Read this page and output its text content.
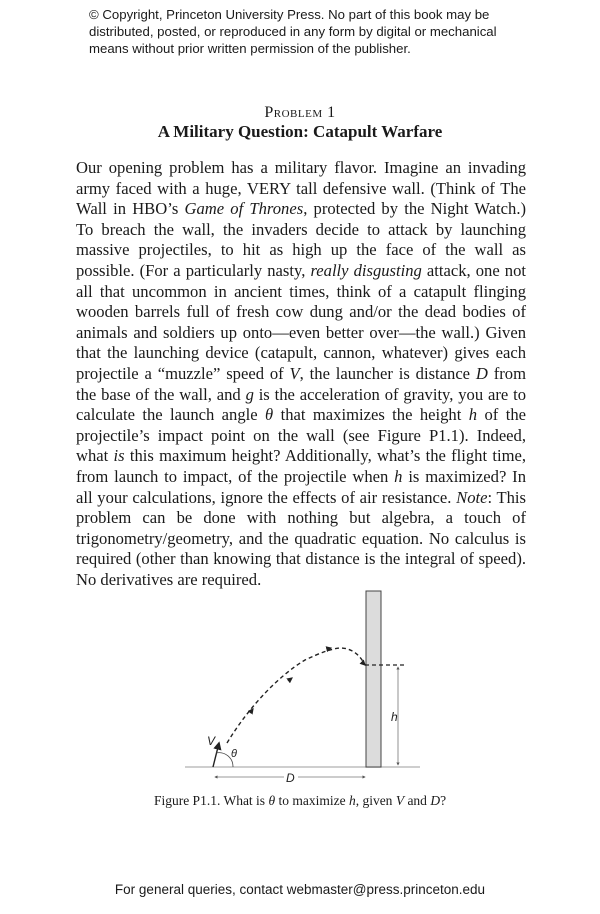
© Copyright, Princeton University Press. No part of this book may be distributed, posted, or reproduced in any form by digital or mechanical means without prior written permission of the publisher.
Problem 1
A Military Question: Catapult Warfare

Our opening problem has a military flavor. Imagine an invading army faced with a huge, VERY tall defensive wall. (Think of The Wall in HBO’s Game of Thrones, protected by the Night Watch.) To breach the wall, the invaders decide to attack by launching massive projectiles, to hit as high up the face of the wall as possible. (For a particularly nasty, really disgusting attack, one not all that uncommon in ancient times, think of a catapult flinging wooden barrels full of fresh cow dung and/or the dead bodies of animals and soldiers up onto—even better over—the wall.) Given that the launching device (catapult, cannon, whatever) gives each projectile a “muzzle” speed of V, the launcher is distance D from the base of the wall, and g is the acceleration of gravity, you are to calculate the launch angle θ that maximizes the height h of the projectile’s impact point on the wall (see Figure P1.1). Indeed, what is this maximum height? Additionally, what’s the flight time, from launch to impact, of the projectile when h is maximized? In all your calculations, ignore the effects of air resistance. Note: This problem can be done with nothing but algebra, a touch of trigonometry/geometry, and the quadratic equation. No calculus is required (other than knowing that distance is the integral of speed). No derivatives are required.

h
V
θ
D
Figure P1.1. What is θ to maximize h, given V and D?
For general queries, contact webmaster@press.princeton.edu
